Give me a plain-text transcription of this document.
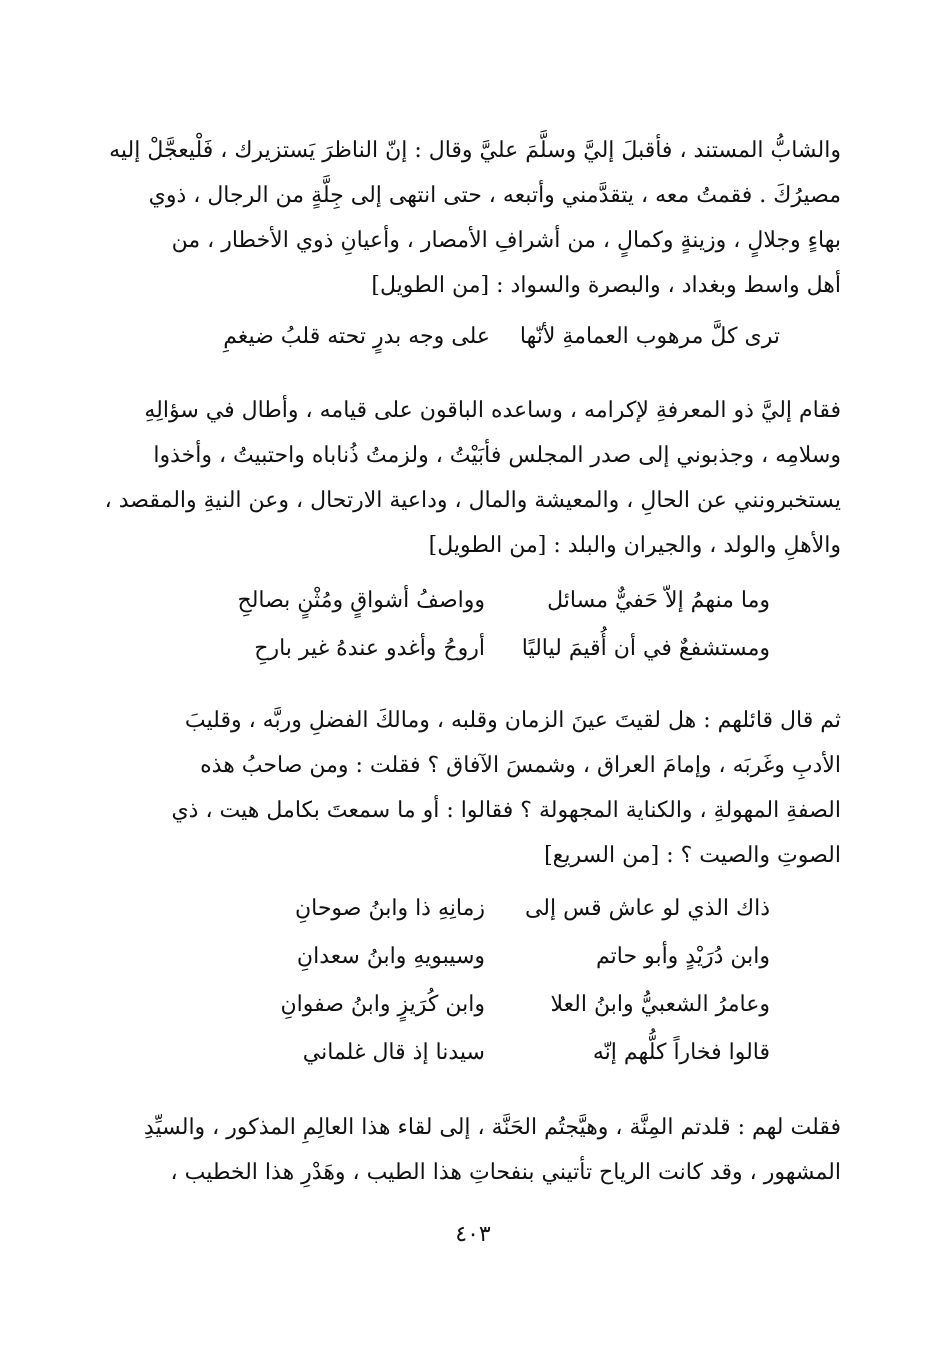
والشابُّ المستند ، فأقبلَ إليَّ وسلَّمَ عليَّ وقال : إنّ الناظرَ يَستزيرك ، فَلْيعجَّلْ إليه
مصيرُكَ . فقمتُ معه ، يتقدَّمني وأتبعه ، حتى انتهى إلى جِلَّةٍ من الرجال ، ذوي
بهاءٍ وجلالٍ ، وزينةٍ وكمالٍ ، من أشرافِ الأمصار ، وأعيانِ ذوي الأخطار ، من
أهل واسط وبغداد ، والبصرة والسواد : [من الطويل]
ترى كلَّ مرهوب العمامةِ لأنّها
على وجه بدرٍ تحته قلبُ ضيغمِ
فقام إليَّ ذو المعرفةِ لإكرامه ، وساعده الباقون على قيامه ، وأطال في سؤالِهِ
وسلامِه ، وجذبوني إلى صدر المجلس فأبَيْتُ ، ولزمتُ ذُناباه واحتبيتُ ، وأخذوا
يستخبرونني عن الحالِ ، والمعيشة والمال ، وداعية الارتحال ، وعن النيةِ والمقصد ،
والأهلِ والولد ، والجيران والبلد : [من الطويل]
وما منهمُ إلاّ حَفيٌّ مسائل
وواصفُ أشواقٍ ومُثْنٍ بصالحِ
ومستشفعٌ في أن أُقيمَ لياليًا
أروحُ وأغدو عندهُ غير بارحِ
ثم قال قائلهم : هل لقيتَ عينَ الزمان وقلبه ، ومالكَ الفضلِ وربَّه ، وقليبَ
الأدبِ وغَربَه ، وإمامَ العراق ، وشمسَ الآفاق ؟ فقلت : ومن صاحبُ هذه
الصفةِ المهولةِ ، والكناية المجهولة ؟ فقالوا : أو ما سمعتَ بكامل هيت ، ذي
الصوتِ والصيت ؟ : [من السريع]
ذاك الذي لو عاش قس إلى
زمانِهِ ذا وابنُ صوحانِ
وابن دُرَيْدٍ وأبو حاتم
وسيبويهِ وابنُ سعدانِ
وعامرُ الشعبيُّ وابنُ العلا
وابن كُرَيزٍ وابنُ صفوانِ
قالوا فخاراً كلُّهم إنّه
سيدنا إذ قال غلماني
فقلت لهم : قلدتم المِنَّة ، وهيَّجتُم الحَنَّة ، إلى لقاء هذا العالِمِ المذكور ، والسيِّدِ
المشهور ، وقد كانت الرياح تأتيني بنفحاتِ هذا الطيب ، وهَدْرِ هذا الخطيب ،
٤٠٣
